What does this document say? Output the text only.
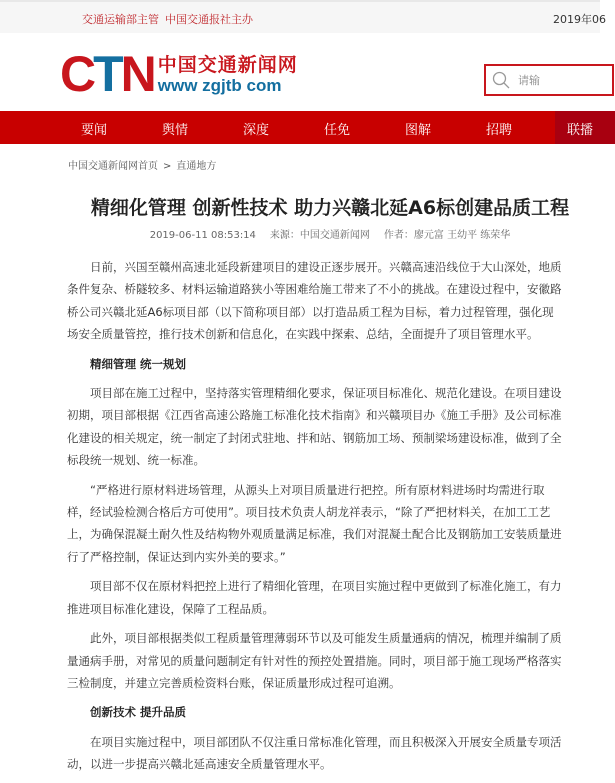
交通运输部主管 中国交通报社主办	2019年06
CTN 中国交通新闻网
www zgjtb com	请输
要闻	舆情	深度	任免	图解	招聘	联播
中国交通新闻网首页 > 直通地方
精细化管理 创新性技术 助力兴赣北延A6标创建品质工程
2019-06-11 08:53:14 来源：中国交通新闻网 作者：廖元富 王幼平 练荣华

日前，兴国至赣州高速北延段新建项目的建设正逐步展开。兴赣高速沿线位于大山深处，地质条件复杂、桥隧较多、材料运输道路狭小等困难给施工带来了不小的挑战。在建设过程中，安徽路桥公司兴赣北延A6标项目部（以下简称项目部）以打造品质工程为目标，着力过程管理，强化现场安全质量管控，推行技术创新和信息化，在实践中探索、总结，全面提升了项目管理水平。

精细管理 统一规划

项目部在施工过程中，坚持落实管理精细化要求，保证项目标准化、规范化建设。在项目建设初期，项目部根据《江西省高速公路施工标准化技术指南》和兴赣项目办《施工手册》及公司标准化建设的相关规定，统一制定了封闭式驻地、拌和站、钢筋加工场、预制梁场建设标准，做到了全标段统一规划、统一标准。

“严格进行原材料进场管理，从源头上对项目质量进行把控。所有原材料进场时均需进行取样，经试验检测合格后方可使用”。项目技术负责人胡龙祥表示，“除了严把材料关，在加工工艺上，为确保混凝土耐久性及结构物外观质量满足标准，我们对混凝土配合比及钢筋加工安装质量进行了严格控制，保证达到内实外美的要求。”

项目部不仅在原材料把控上进行了精细化管理，在项目实施过程中更做到了标准化施工，有力推进项目标准化建设，保障了工程品质。

此外，项目部根据类似工程质量管理薄弱环节以及可能发生质量通病的情况，梳理并编制了质量通病手册，对常见的质量问题制定有针对性的预控处置措施。同时，项目部于施工现场严格落实三检制度，并建立完善质检资料台账，保证质量形成过程可追溯。

创新技术 提升品质

在项目实施过程中，项目部团队不仅注重日常标准化管理，而且积极深入开展安全质量专项活动，以进一步提高兴赣北延高速安全质量管理水平。
